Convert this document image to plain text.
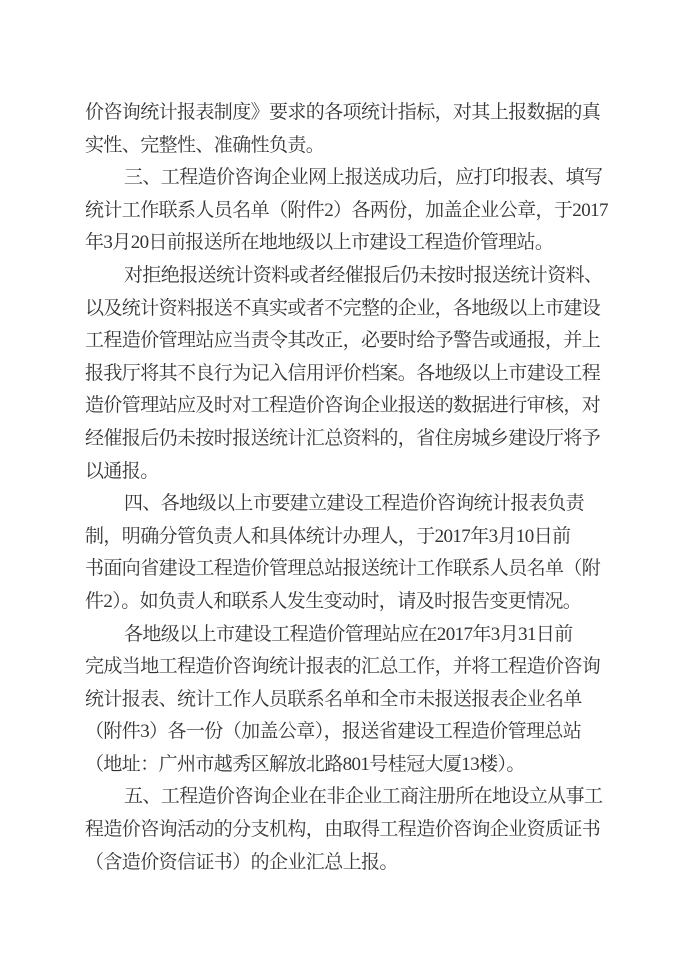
价咨询统计报表制度》要求的各项统计指标，对其上报数据的真
实性、完整性、准确性负责。
三、工程造价咨询企业网上报送成功后，应打印报表、填写
统计工作联系人员名单（附件2）各两份，加盖企业公章，于2017
年3月20日前报送所在地地级以上市建设工程造价管理站。
对拒绝报送统计资料或者经催报后仍未按时报送统计资料、
以及统计资料报送不真实或者不完整的企业，各地级以上市建设
工程造价管理站应当责令其改正，必要时给予警告或通报，并上
报我厅将其不良行为记入信用评价档案。各地级以上市建设工程
造价管理站应及时对工程造价咨询企业报送的数据进行审核，对
经催报后仍未按时报送统计汇总资料的，省住房城乡建设厅将予
以通报。
四、各地级以上市要建立建设工程造价咨询统计报表负责
制，明确分管负责人和具体统计办理人，于2017年3月10日前
书面向省建设工程造价管理总站报送统计工作联系人员名单（附
件2）。如负责人和联系人发生变动时，请及时报告变更情况。
各地级以上市建设工程造价管理站应在2017年3月31日前
完成当地工程造价咨询统计报表的汇总工作，并将工程造价咨询
统计报表、统计工作人员联系名单和全市未报送报表企业名单
（附件3）各一份（加盖公章），报送省建设工程造价管理总站
（地址：广州市越秀区解放北路801号桂冠大厦13楼）。
五、工程造价咨询企业在非企业工商注册所在地设立从事工
程造价咨询活动的分支机构，由取得工程造价咨询企业资质证书
（含造价资信证书）的企业汇总上报。
